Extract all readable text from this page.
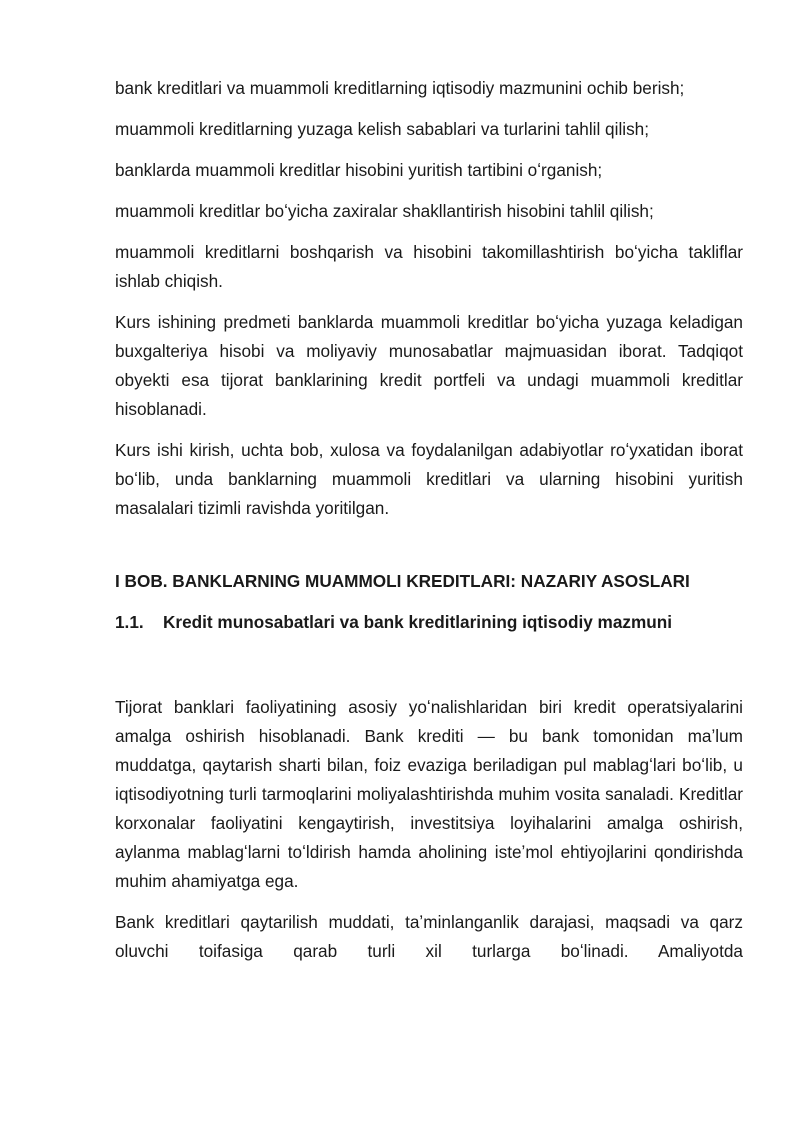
bank kreditlari va muammoli kreditlarning iqtisodiy mazmunini ochib berish;

muammoli kreditlarning yuzaga kelish sabablari va turlarini tahlil qilish;

banklarda muammoli kreditlar hisobini yuritish tartibini oʻrganish;

muammoli kreditlar boʻyicha zaxiralar shakllantirish hisobini tahlil qilish;

muammoli kreditlarni boshqarish va hisobini takomillashtirish boʻyicha takliflar ishlab chiqish.

Kurs ishining predmeti banklarda muammoli kreditlar boʻyicha yuzaga keladigan buxgalteriya hisobi va moliyaviy munosabatlar majmuasidan iborat. Tadqiqot obyekti esa tijorat banklarining kredit portfeli va undagi muammoli kreditlar hisoblanadi.

Kurs ishi kirish, uchta bob, xulosa va foydalanilgan adabiyotlar roʻyxatidan iborat boʻlib, unda banklarning muammoli kreditlari va ularning hisobini yuritish masalalari tizimli ravishda yoritilgan.

I BOB. BANKLARNING MUAMMOLI KREDITLARI: NAZARIY ASOSLARI

1.1.	Kredit munosabatlari va bank kreditlarining iqtisodiy mazmuni

Tijorat banklari faoliyatining asosiy yoʻnalishlaridan biri kredit operatsiyalarini amalga oshirish hisoblanadi. Bank krediti — bu bank tomonidan maʼlum muddatga, qaytarish sharti bilan, foiz evaziga beriladigan pul mablagʻlari boʻlib, u iqtisodiyotning turli tarmoqlarini moliyalashtirishda muhim vosita sanaladi. Kreditlar korxonalar faoliyatini kengaytirish, investitsiya loyihalarini amalga oshirish, aylanma mablagʻlarni toʻldirish hamda aholining isteʼmol ehtiyojlarini qondirishda muhim ahamiyatga ega.

Bank kreditlari qaytarilish muddati, taʼminlanganlik darajasi, maqsadi va qarz oluvchi toifasiga qarab turli xil turlarga boʻlinadi. Amaliyotda
